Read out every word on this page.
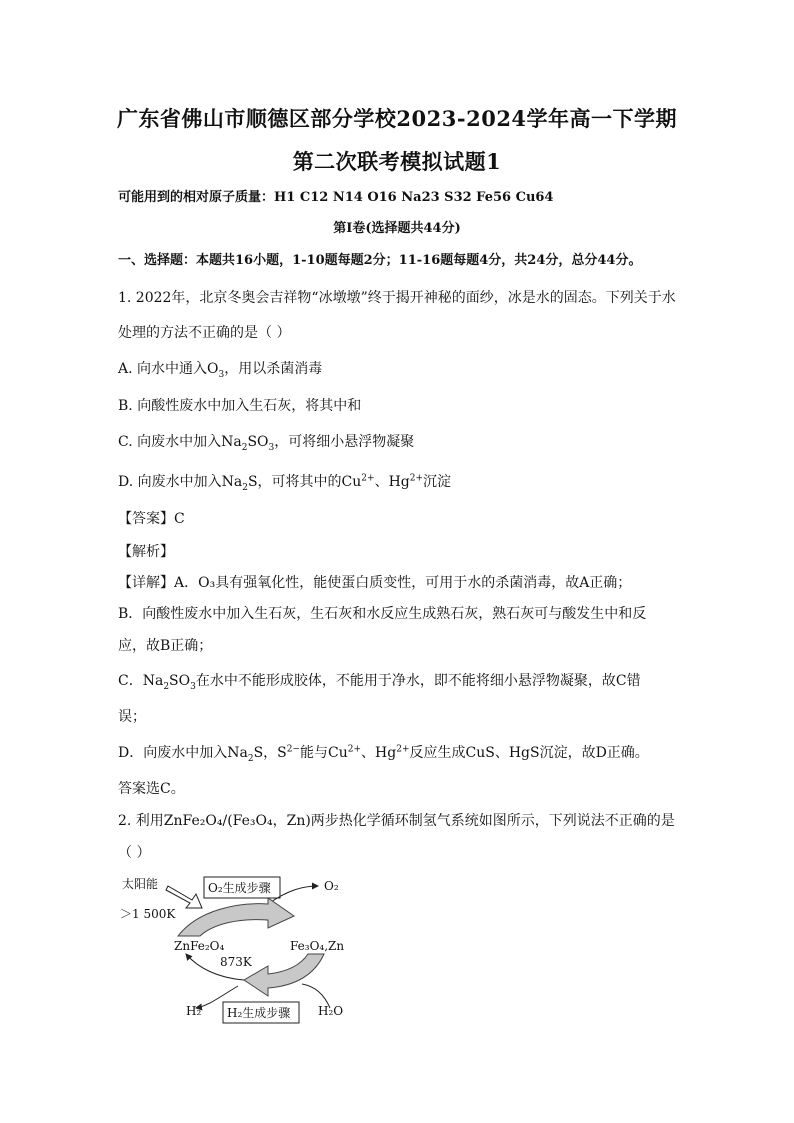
广东省佛山市顺德区部分学校2023-2024学年高一下学期
第二次联考模拟试题1
可能用到的相对原子质量：H1 C12 N14 O16 Na23 S32 Fe56 Cu64
第Ⅰ卷(选择题共44分)
一、选择题：本题共16小题，1-10题每题2分；11-16题每题4分，共24分，总分44分。
1. 2022年，北京冬奥会吉祥物“冰墩墩”终于揭开神秘的面纱，冰是水的固态。下列关于水
处理的方法不正确的是（ ）
A. 向水中通入$O_3$，用以杀菌消毒
B. 向酸性废水中加入生石灰，将其中和
C. 向废水中加入$Na_2SO_3$，可将细小悬浮物凝聚
D. 向废水中加入$Na_2S$，可将其中的$Cu^{2+}$、$Hg^{2+}$沉淀
【答案】C
【解析】
【详解】A．O₃具有强氧化性，能使蛋白质变性，可用于水的杀菌消毒，故A正确；
B．向酸性废水中加入生石灰，生石灰和水反应生成熟石灰，熟石灰可与酸发生中和反
应，故B正确；
C．$Na_2SO_3$在水中不能形成胶体，不能用于净水，即不能将细小悬浮物凝聚，故C错
误；
D．向废水中加入$Na_2S$，$S^{2-}$能与$Cu^{2+}$、$Hg^{2+}$反应生成CuS、HgS沉淀，故D正确。
答案选C。
2. 利用ZnFe₂O₄/(Fe₃O₄，Zn)两步热化学循环制氢气系统如图所示，下列说法不正确的是
（ ）
太阳能	O₂生成步骤	O₂
＞1 500K
ZnFe₂O₄	Fe₃O₄,Zn
873K
H₂O
H₂ H₂生成步骤
